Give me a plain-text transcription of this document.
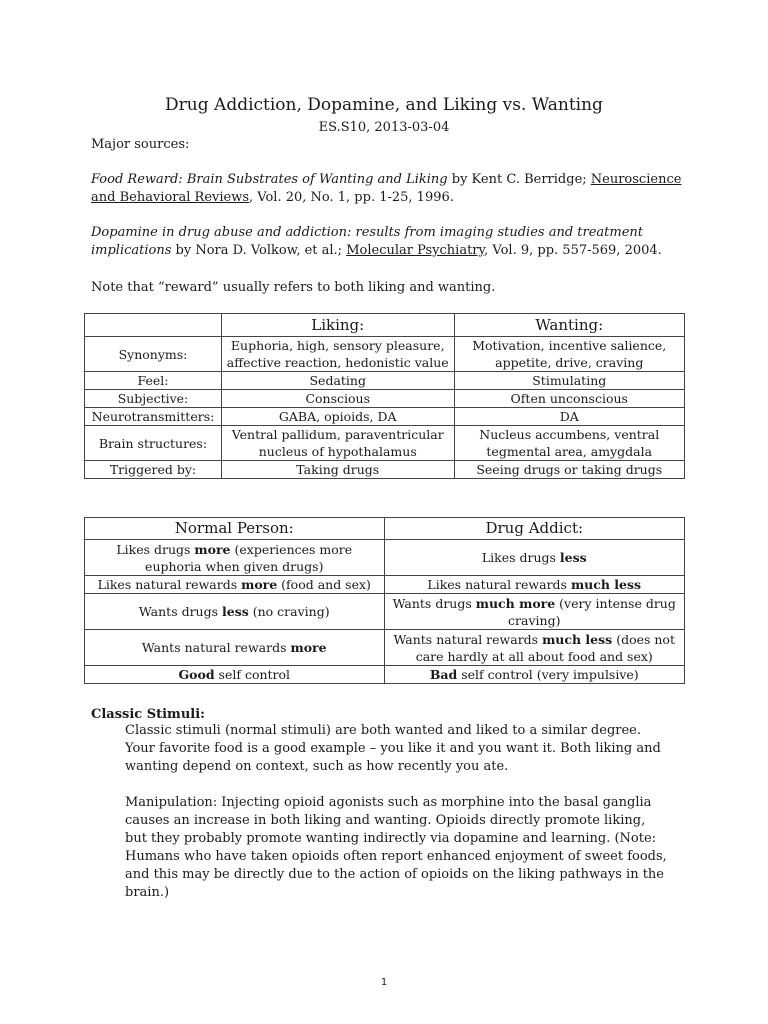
Drug Addiction, Dopamine, and Liking vs. Wanting
ES.S10, 2013-03-04
Major sources:
Food Reward: Brain Substrates of Wanting and Liking by Kent C. Berridge; Neuroscience and Behavioral Reviews, Vol. 20, No. 1, pp. 1-25, 1996.
Dopamine in drug abuse and addiction: results from imaging studies and treatment implications by Nora D. Volkow, et al.; Molecular Psychiatry, Vol. 9, pp. 557-569, 2004.
Note that “reward” usually refers to both liking and wanting.
	Liking:	Wanting:
Synonyms:	Euphoria, high, sensory pleasure, affective reaction, hedonistic value	Motivation, incentive salience, appetite, drive, craving
Feel:	Sedating	Stimulating
Subjective:	Conscious	Often unconscious
Neurotransmitters:	GABA, opioids, DA	DA
Brain structures:	Ventral pallidum, paraventricular nucleus of hypothalamus	Nucleus accumbens, ventral tegmental area, amygdala
Triggered by:	Taking drugs	Seeing drugs or taking drugs
Normal Person:	Drug Addict:
Likes drugs more (experiences more euphoria when given drugs)	Likes drugs less
Likes natural rewards more (food and sex)	Likes natural rewards much less
Wants drugs less (no craving)	Wants drugs much more (very intense drug craving)
Wants natural rewards more	Wants natural rewards much less (does not care hardly at all about food and sex)
Good self control	Bad self control (very impulsive)
Classic Stimuli:
Classic stimuli (normal stimuli) are both wanted and liked to a similar degree. Your favorite food is a good example – you like it and you want it. Both liking and wanting depend on context, such as how recently you ate.
Manipulation: Injecting opioid agonists such as morphine into the basal ganglia causes an increase in both liking and wanting. Opioids directly promote liking, but they probably promote wanting indirectly via dopamine and learning. (Note: Humans who have taken opioids often report enhanced enjoyment of sweet foods, and this may be directly due to the action of opioids on the liking pathways in the brain.)
1
